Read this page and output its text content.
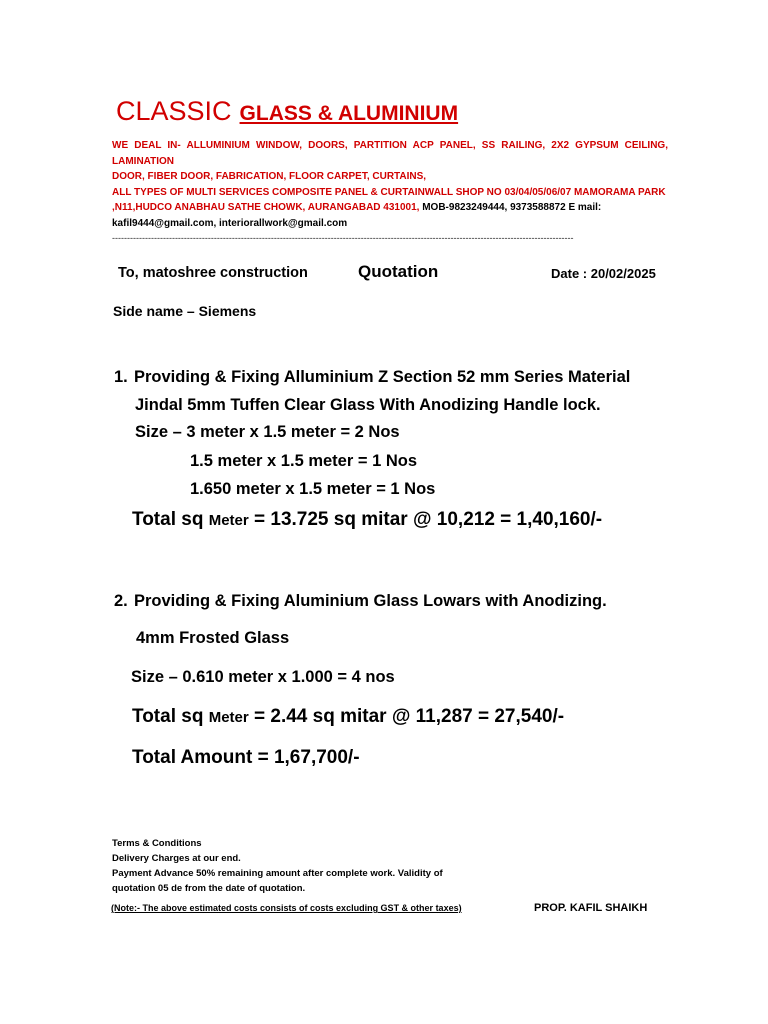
CLASSIC GLASS & ALUMINIUM
WE DEAL IN- ALLUMINIUM WINDOW, DOORS, PARTITION ACP PANEL, SS RAILING, 2X2 GYPSUM CEILING, LAMINATION
DOOR, FIBER DOOR, FABRICATION, FLOOR CARPET, CURTAINS,
ALL TYPES OF MULTI SERVICES COMPOSITE PANEL & CURTAINWALL SHOP NO 03/04/05/06/07 MAMORAMA PARK
,N11,HUDCO ANABHAU SATHE CHOWK, AURANGABAD 431001, MOB-9823249444, 9373588872 E mail:
kafil9444@gmail.com, interiorallwork@gmail.com
----------------------------------------------------------------------------------------------------------------------------------------------------------
To, matoshree construction	Quotation	Date : 20/02/2025
Side name – Siemens
1. Providing & Fixing Alluminium Z Section 52 mm Series Material
Jindal 5mm Tuffen Clear Glass With Anodizing Handle lock.
Size – 3 meter x 1.5 meter = 2 Nos
1.5 meter x 1.5 meter = 1 Nos
1.650 meter x 1.5 meter = 1 Nos
Total sq Meter = 13.725 sq mitar @ 10,212 = 1,40,160/-
2. Providing & Fixing Aluminium Glass Lowars with Anodizing.
4mm Frosted Glass
Size – 0.610 meter x 1.000 = 4 nos
Total sq Meter = 2.44 sq mitar @ 11,287 = 27,540/-
Total Amount = 1,67,700/-
Terms & Conditions
Delivery Charges at our end.
Payment Advance 50% remaining amount after complete work. Validity of
quotation 05 de from the date of quotation.
(Note:- The above estimated costs consists of costs excluding GST & other taxes)	PROP. KAFIL SHAIKH
